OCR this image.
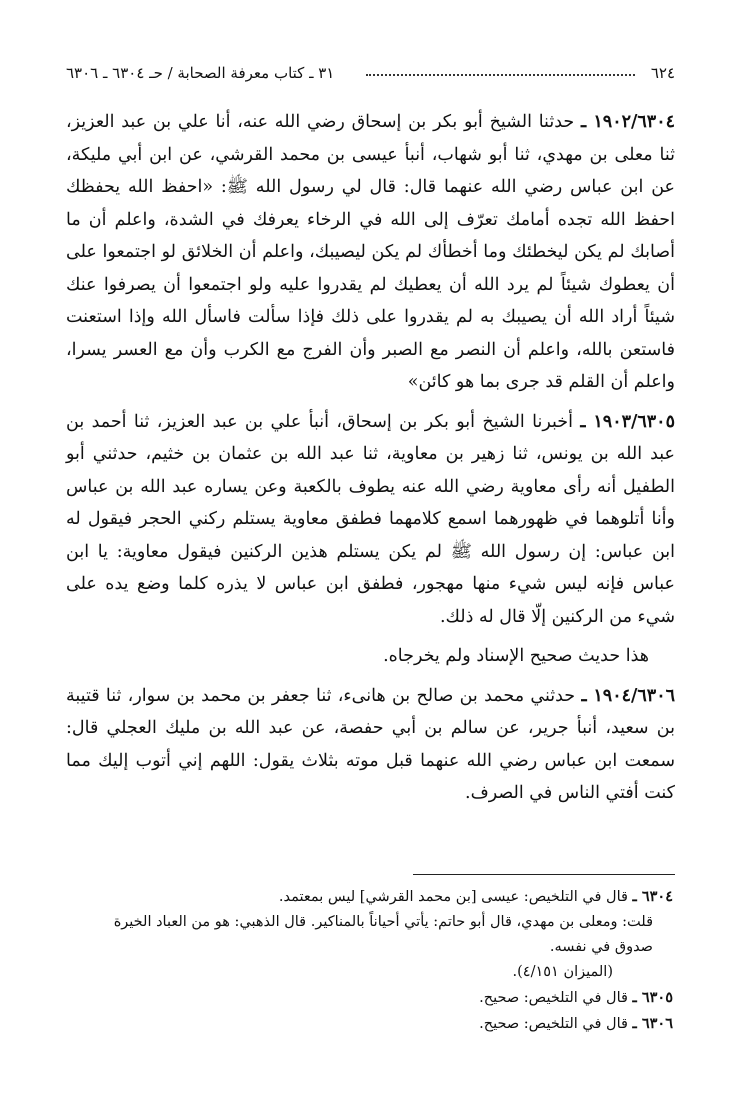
٦٢٤
٣١ ـ كتاب معرفة الصحابة / حـ ٦٣٠٤ ـ ٦٣٠٦

١٩٠٢/٦٣٠٤ ـ حدثنا الشيخ أبو بكر بن إسحاق رضي الله عنه، أنا علي بن عبد العزيز، ثنا معلى بن مهدي، ثنا أبو شهاب، أنبأ عيسى بن محمد القرشي، عن ابن أبي مليكة، عن ابن عباس رضي الله عنهما قال: قال لي رسول الله ﷺ: «احفظ الله يحفظك احفظ الله تجده أمامك تعرّف إلى الله في الرخاء يعرفك في الشدة، واعلم أن ما أصابك لم يكن ليخطئك وما أخطأك لم يكن ليصيبك، واعلم أن الخلائق لو اجتمعوا على أن يعطوك شيئاً لم يرد الله أن يعطيك لم يقدروا عليه ولو اجتمعوا أن يصرفوا عنك شيئاً أراد الله أن يصيبك به لم يقدروا على ذلك فإذا سألت فاسأل الله وإذا استعنت فاستعن بالله، واعلم أن النصر مع الصبر وأن الفرج مع الكرب وأن مع العسر يسرا، واعلم أن القلم قد جرى بما هو كائن»

١٩٠٣/٦٣٠٥ ـ أخبرنا الشيخ أبو بكر بن إسحاق، أنبأ علي بن عبد العزيز، ثنا أحمد بن عبد الله بن يونس، ثنا زهير بن معاوية، ثنا عبد الله بن عثمان بن خثيم، حدثني أبو الطفيل أنه رأى معاوية رضي الله عنه يطوف بالكعبة وعن يساره عبد الله بن عباس وأنا أتلوهما في ظهورهما اسمع كلامهما فطفق معاوية يستلم ركني الحجر فيقول له ابن عباس: إن رسول الله ﷺ لم يكن يستلم هذين الركنين فيقول معاوية: يا ابن عباس فإنه ليس شيء منها مهجور، فطفق ابن عباس لا يذره كلما وضع يده على شيء من الركنين إلّا قال له ذلك.

هذا حديث صحيح الإسناد ولم يخرجاه.

١٩٠٤/٦٣٠٦ ـ حدثني محمد بن صالح بن هانىء، ثنا جعفر بن محمد بن سوار، ثنا قتيبة بن سعيد، أنبأ جرير، عن سالم بن أبي حفصة، عن عبد الله بن مليك العجلي قال: سمعت ابن عباس رضي الله عنهما قبل موته بثلاث يقول: اللهم إني أتوب إليك مما كنت أفتي الناس في الصرف.

٦٣٠٤ ـ قال في التلخيص: عيسى [بن محمد القرشي] ليس بمعتمد.

قلت: ومعلى بن مهدي، قال أبو حاتم: يأتي أحياناً بالمناكير. قال الذهبي: هو من العباد الخيرة

صدوق في نفسه.

(الميزان ٤/١٥١).

٦٣٠٥ ـ قال في التلخيص: صحيح.

٦٣٠٦ ـ قال في التلخيص: صحيح.
